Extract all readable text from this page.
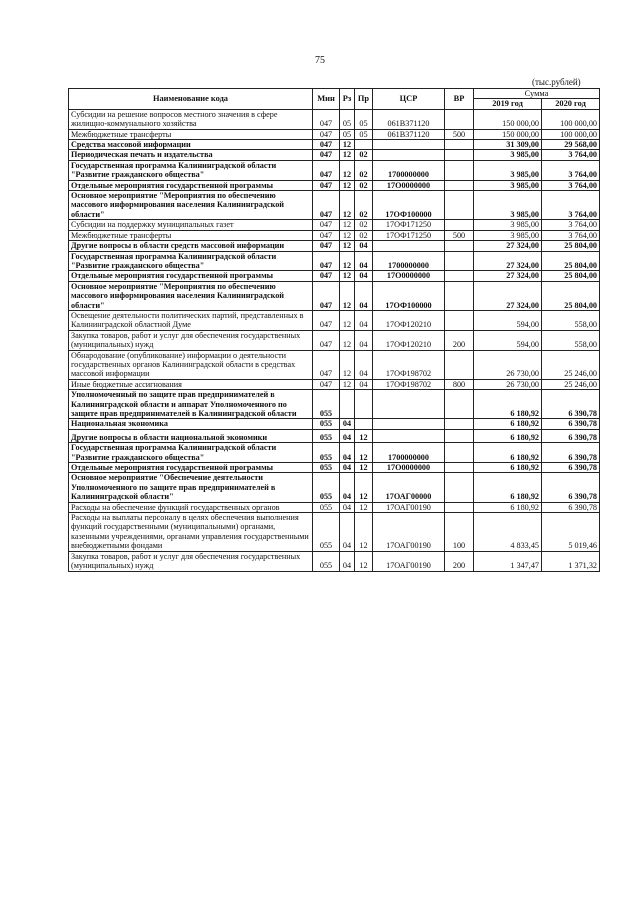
75
(тыс.рублей)
Наименование кода	Мин	Рз	Пр	ЦСР	ВР	Сумма	
						2019 год	2020 год
Субсидии на решение вопросов местного значения в сфере жилищно-коммунального хозяйства	047	05	05	061В371120		150 000,00	100 000,00
Межбюджетные трансферты	047	05	05	061В371120	500	150 000,00	100 000,00
Средства массовой информации	047	12				31 309,00	29 568,00
Периодическая печать и издательства	047	12	02			3 985,00	3 764,00
Государственная программа Калининградской области "Развитие гражданского общества"	047	12	02	1700000000		3 985,00	3 764,00
Отдельные мероприятия государственной программы	047	12	02	17О0000000		3 985,00	3 764,00
Основное мероприятие "Мероприятия по обеспечению массового информирования населения Калининградской области"	047	12	02	17ОФ100000		3 985,00	3 764,00
Субсидии на поддержку муниципальных газет	047	12	02	17ОФ171250		3 985,00	3 764,00
Межбюджетные трансферты	047	12	02	17ОФ171250	500	3 985,00	3 764,00
Другие вопросы в области средств массовой информации	047	12	04			27 324,00	25 804,00
Государственная программа Калининградской области "Развитие гражданского общества"	047	12	04	1700000000		27 324,00	25 804,00
Отдельные мероприятия государственной программы	047	12	04	17О0000000		27 324,00	25 804,00
Основное мероприятие "Мероприятия по обеспечению массового информирования населения Калининградской области"	047	12	04	17ОФ100000		27 324,00	25 804,00
Освещение деятельности политических партий, представленных в Калининградской областной Думе	047	12	04	17ОФ120210		594,00	558,00
Закупка товаров, работ и услуг для обеспечения государственных (муниципальных) нужд	047	12	04	17ОФ120210	200	594,00	558,00
Обнародование (опубликование) информации о деятельности государственных органов Калининградской области в средствах массовой информации	047	12	04	17ОФ198702		26 730,00	25 246,00
Иные бюджетные ассигнования	047	12	04	17ОФ198702	800	26 730,00	25 246,00
Уполномоченный по защите прав предпринимателей в Калининградской области и аппарат Уполномоченного по защите прав предпринимателей в Калининградской области	055					6 180,92	6 390,78
Национальная экономика	055	04				6 180,92	6 390,78
Другие вопросы в области национальной экономики	055	04	12			6 180,92	6 390,78
Государственная программа Калининградской области "Развитие гражданского общества"	055	04	12	1700000000		6 180,92	6 390,78
Отдельные мероприятия государственной программы	055	04	12	17О0000000		6 180,92	6 390,78
Основное мероприятие "Обеспечение деятельности Уполномоченного по защите прав предпринимателей в Калининградской области"	055	04	12	17ОАГ00000		6 180,92	6 390,78
Расходы на обеспечение функций государственных органов	055	04	12	17ОАГ00190		6 180,92	6 390,78
Расходы на выплаты персоналу в целях обеспечения выполнения функций государственными (муниципальными) органами, казенными учреждениями, органами управления государственными внебюджетными фондами	055	04	12	17ОАГ00190	100	4 833,45	5 019,46
Закупка товаров, работ и услуг для обеспечения государственных (муниципальных) нужд	055	04	12	17ОАГ00190	200	1 347,47	1 371,32
